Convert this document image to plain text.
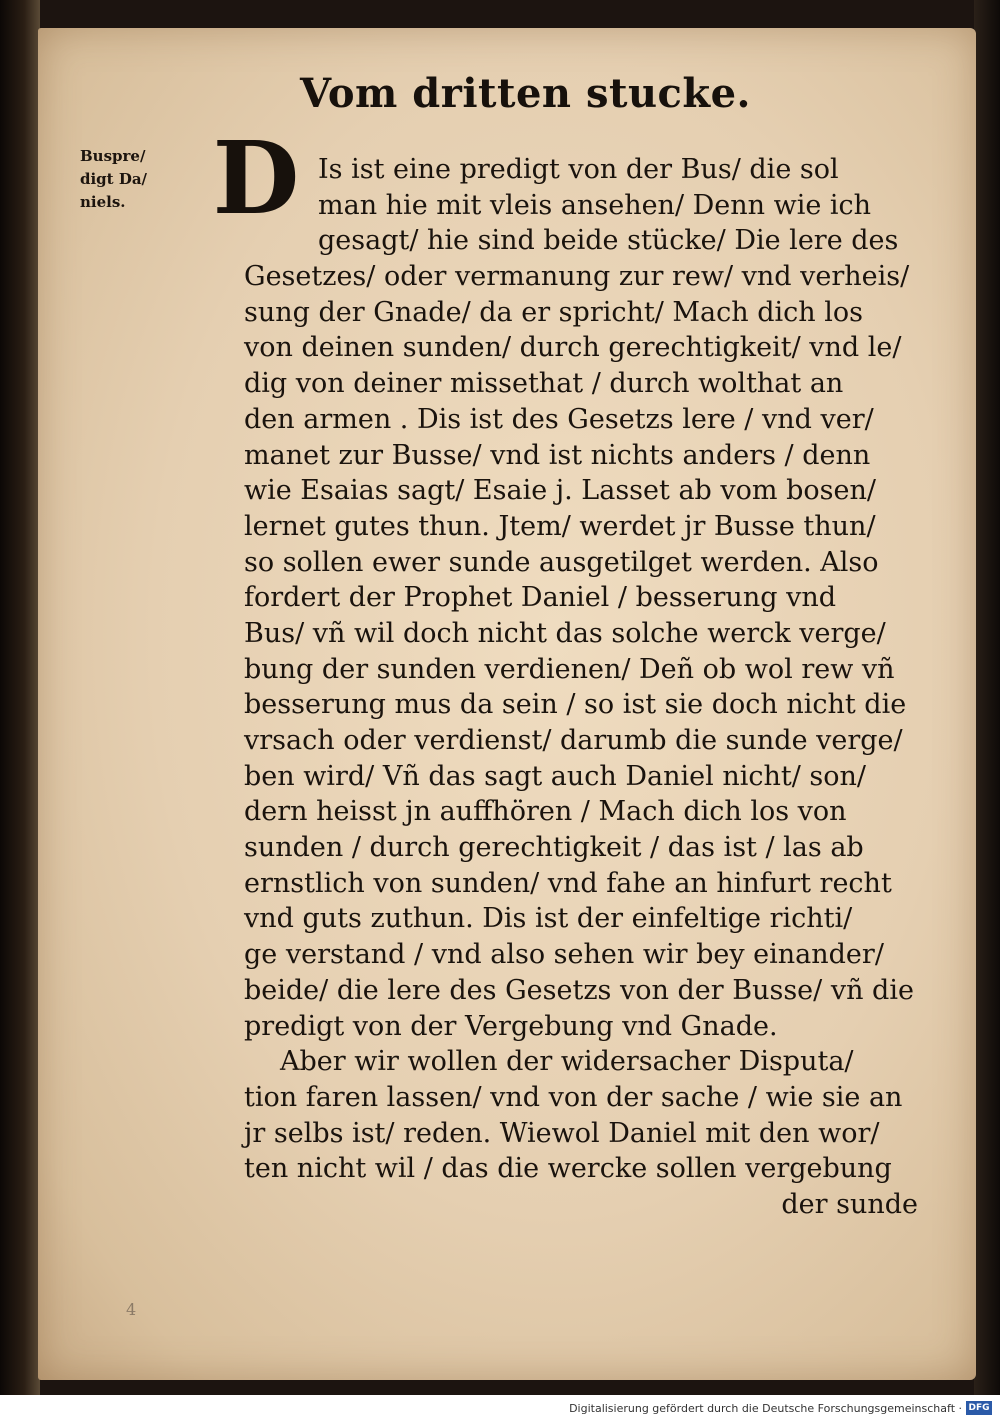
Vom dritten stucke.
Buspre/
digt Da/
niels. D Is ist eine predigt von der Bus/ die sol
man hie mit vleis ansehen/ Denn wie ich
gesagt/ hie sind beide stücke/ Die lere des
Gesetzes/ oder vermanung zur rew/ vnd verheis/
sung der Gnade/ da er spricht/ Mach dich los
von deinen sunden/ durch gerechtigkeit/ vnd le/
dig von deiner missethat / durch wolthat an
den armen . Dis ist des Gesetzs lere / vnd ver/
manet zur Busse/ vnd ist nichts anders / denn
wie Esaias sagt/ Esaie j. Lasset ab vom bosen/
lernet gutes thun. Jtem/ werdet jr Busse thun/
so sollen ewer sunde ausgetilget werden. Also
fordert der Prophet Daniel / besserung vnd
Bus/ vñ wil doch nicht das solche werck verge/
bung der sunden verdienen/ Deñ ob wol rew vñ
besserung mus da sein / so ist sie doch nicht die
vrsach oder verdienst/ darumb die sunde verge/
ben wird/ Vñ das sagt auch Daniel nicht/ son/
dern heisst jn auffhören / Mach dich los von
sunden / durch gerechtigkeit / das ist / las ab
ernstlich von sunden/ vnd fahe an hinfurt recht
vnd guts zuthun. Dis ist der einfeltige richti/
ge verstand / vnd also sehen wir bey einander/
beide/ die lere des Gesetzs von der Busse/ vñ die
predigt von der Vergebung vnd Gnade.
Aber wir wollen der widersacher Disputa/
tion faren lassen/ vnd von der sache / wie sie an
jr selbs ist/ reden. Wiewol Daniel mit den wor/
ten nicht wil / das die wercke sollen vergebung
der sunde
4
Digitalisierung gefördert durch die Deutsche Forschungsgemeinschaft · DFG
